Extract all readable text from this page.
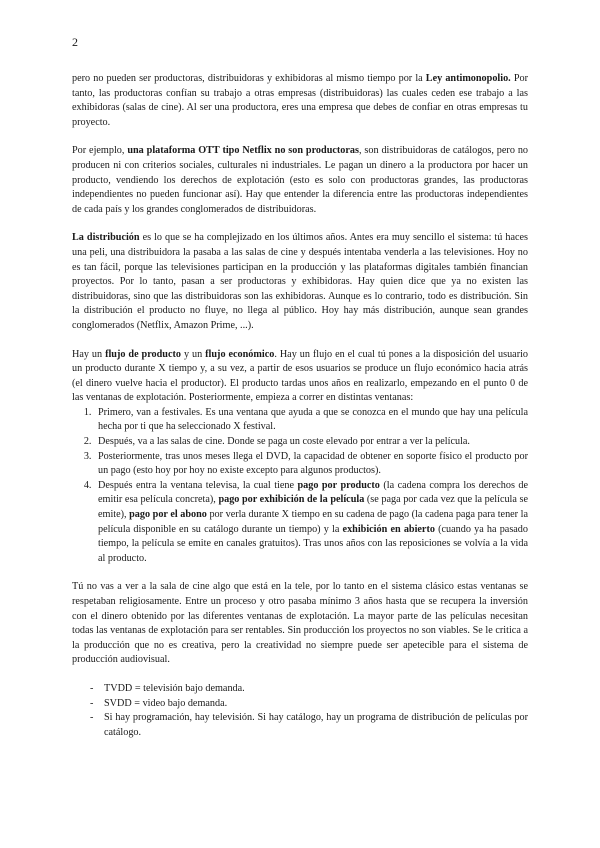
2

pero no pueden ser productoras, distribuidoras y exhibidoras al mismo tiempo por la Ley antimonopolio. Por tanto, las productoras confían su trabajo a otras empresas (distribuidoras) las cuales ceden ese trabajo a las exhibidoras (salas de cine). Al ser una productora, eres una empresa que debes de confiar en otras empresas tu proyecto.

Por ejemplo, una plataforma OTT tipo Netflix no son productoras, son distribuidoras de catálogos, pero no producen ni con criterios sociales, culturales ni industriales. Le pagan un dinero a la productora por hacer un producto, vendiendo los derechos de explotación (esto es solo con productoras grandes, las productoras independientes no pueden funcionar así). Hay que entender la diferencia entre las productoras independientes de cada país y los grandes conglomerados de distribuidoras.

La distribución es lo que se ha complejizado en los últimos años. Antes era muy sencillo el sistema: tú haces una peli, una distribuidora la pasaba a las salas de cine y después intentaba venderla a las televisiones. Hoy no es tan fácil, porque las televisiones participan en la producción y las plataformas digitales también financian proyectos. Por lo tanto, pasan a ser productoras y exhibidoras. Hay quien dice que ya no existen las distribuidoras, sino que las distribuidoras son las exhibidoras. Aunque es lo contrario, todo es distribución. Sin la distribución el producto no fluye, no llega al público. Hoy hay más distribución, aunque sean grandes conglomerados (Netflix, Amazon Prime, ...).

Hay un flujo de producto y un flujo económico. Hay un flujo en el cual tú pones a la disposición del usuario un producto durante X tiempo y, a su vez, a partir de esos usuarios se produce un flujo económico hacia atrás (el dinero vuelve hacia el productor). El producto tardas unos años en realizarlo, empezando en el punto 0 de las ventanas de explotación. Posteriormente, empieza a correr en distintas ventanas:

1. Primero, van a festivales. Es una ventana que ayuda a que se conozca en el mundo que hay una película hecha por ti que ha seleccionado X festival.
2. Después, va a las salas de cine. Donde se paga un coste elevado por entrar a ver la película.
3. Posteriormente, tras unos meses llega el DVD, la capacidad de obtener en soporte físico el producto por un pago (esto hoy por hoy no existe excepto para algunos productos).
4. Después entra la ventana televisa, la cual tiene pago por producto (la cadena compra los derechos de emitir esa película concreta), pago por exhibición de la película (se paga por cada vez que la película se emite), pago por el abono por verla durante X tiempo en su cadena de pago (la cadena paga para tener la película disponible en su catálogo durante un tiempo) y la exhibición en abierto (cuando ya ha pasado tiempo, la película se emite en canales gratuitos). Tras unos años con las reposiciones se volvía a la vida al producto.

Tú no vas a ver a la sala de cine algo que está en la tele, por lo tanto en el sistema clásico estas ventanas se respetaban religiosamente. Entre un proceso y otro pasaba mínimo 3 años hasta que se recupera la inversión con el dinero obtenido por las diferentes ventanas de explotación. La mayor parte de las películas necesitan todas las ventanas de explotación para ser rentables. Sin producción los proyectos no son viables. Se le critica a la producción que no es creativa, pero la creatividad no siempre puede ser apetecible para el sistema de producción audiovisual.

- TVDD = televisión bajo demanda.
- SVDD = video bajo demanda.
- Si hay programación, hay televisión. Si hay catálogo, hay un programa de distribución de películas por catálogo.
